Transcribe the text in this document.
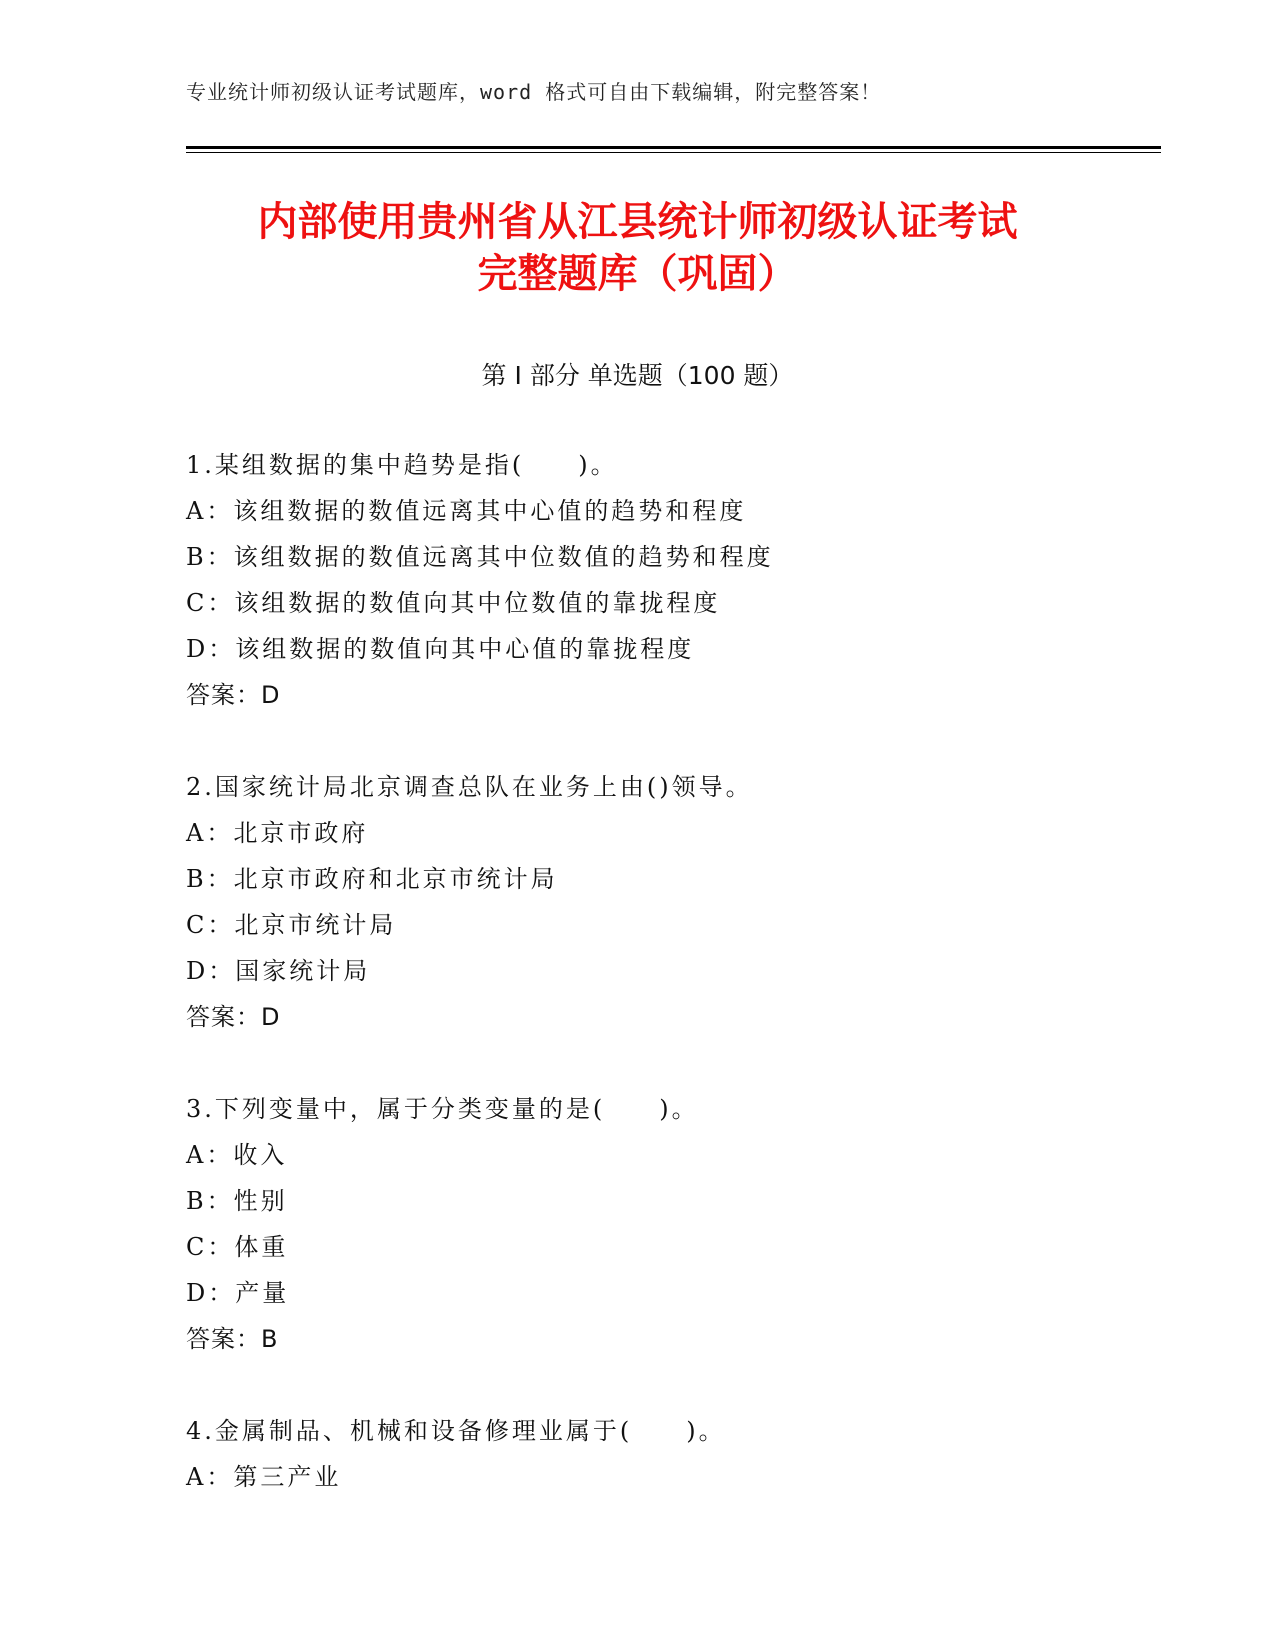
专业统计师初级认证考试题库，word 格式可自由下载编辑，附完整答案！
内部使用贵州省从江县统计师初级认证考试
完整题库（巩固）
第 I 部分 单选题（100 题）
1.某组数据的集中趋势是指(　　)。
A：该组数据的数值远离其中心值的趋势和程度
B：该组数据的数值远离其中位数值的趋势和程度
C：该组数据的数值向其中位数值的靠拢程度
D：该组数据的数值向其中心值的靠拢程度
答案：D
2.国家统计局北京调查总队在业务上由()领导。
A：北京市政府
B：北京市政府和北京市统计局
C：北京市统计局
D：国家统计局
答案：D
3.下列变量中，属于分类变量的是(　　)。
A：收入
B：性别
C：体重
D：产量
答案：B
4.金属制品、机械和设备修理业属于(　　)。
A：第三产业
